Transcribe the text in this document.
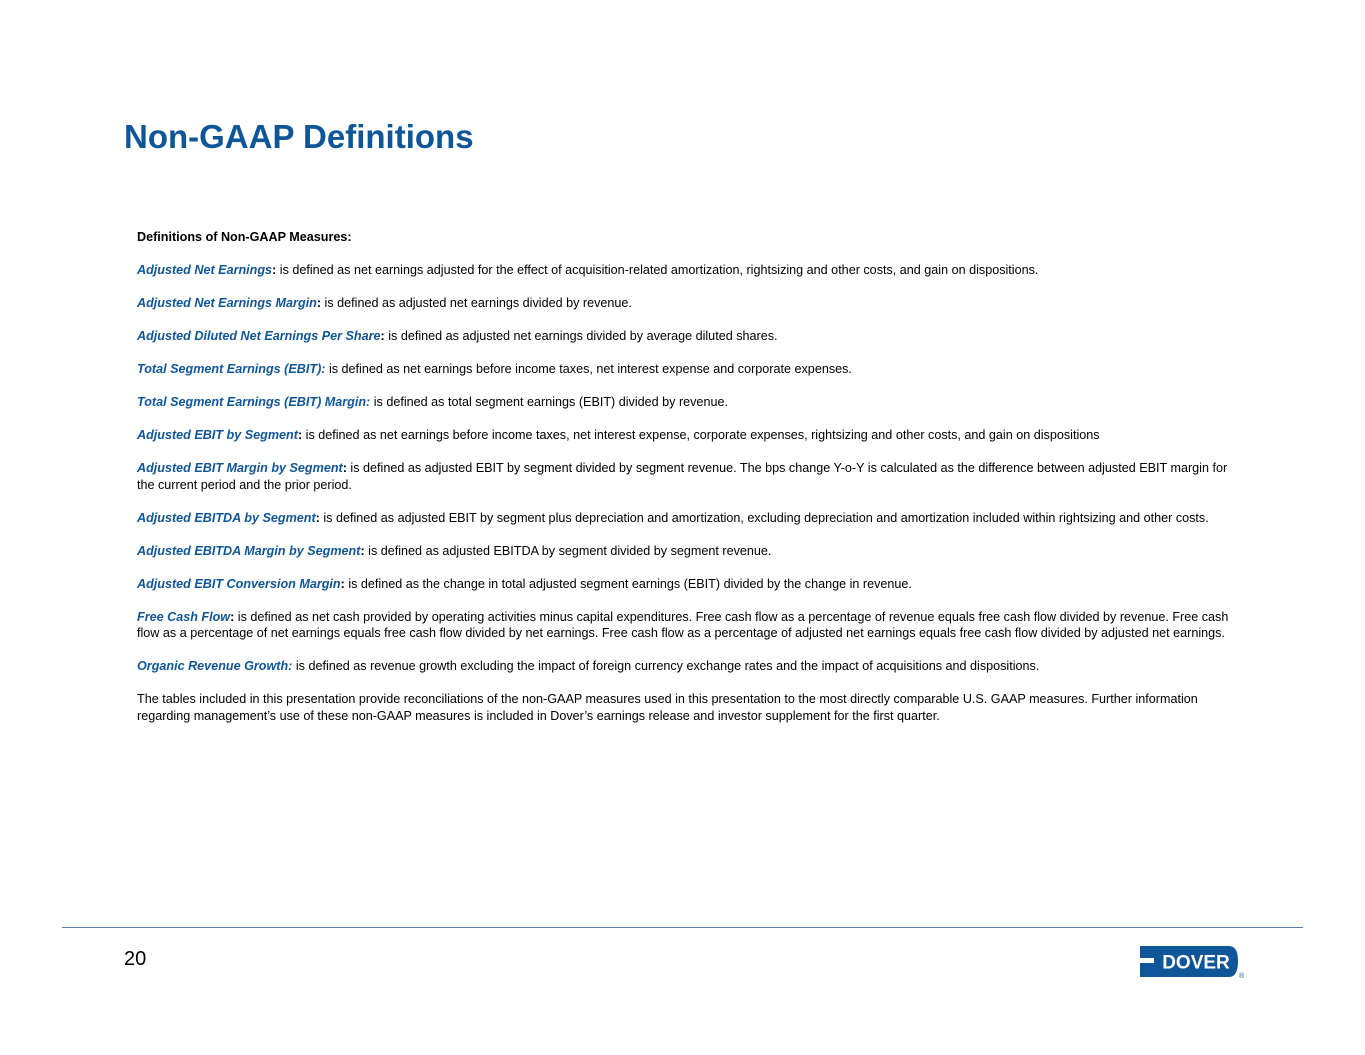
Non-GAAP Definitions

Definitions of Non-GAAP Measures:

Adjusted Net Earnings: is defined as net earnings adjusted for the effect of acquisition-related amortization, rightsizing and other costs, and gain on dispositions.

Adjusted Net Earnings Margin: is defined as adjusted net earnings divided by revenue.

Adjusted Diluted Net Earnings Per Share: is defined as adjusted net earnings divided by average diluted shares.

Total Segment Earnings (EBIT): is defined as net earnings before income taxes, net interest expense and corporate expenses.

Total Segment Earnings (EBIT) Margin: is defined as total segment earnings (EBIT) divided by revenue.

Adjusted EBIT by Segment: is defined as net earnings before income taxes, net interest expense, corporate expenses, rightsizing and other costs, and gain on dispositions

Adjusted EBIT Margin by Segment: is defined as adjusted EBIT by segment divided by segment revenue. The bps change Y-o-Y is calculated as the difference between adjusted EBIT margin for the current period and the prior period.

Adjusted EBITDA by Segment: is defined as adjusted EBIT by segment plus depreciation and amortization, excluding depreciation and amortization included within rightsizing and other costs.

Adjusted EBITDA Margin by Segment: is defined as adjusted EBITDA by segment divided by segment revenue.

Adjusted EBIT Conversion Margin: is defined as the change in total adjusted segment earnings (EBIT) divided by the change in revenue.

Free Cash Flow: is defined as net cash provided by operating activities minus capital expenditures. Free cash flow as a percentage of revenue equals free cash flow divided by revenue. Free cash flow as a percentage of net earnings equals free cash flow divided by net earnings. Free cash flow as a percentage of adjusted net earnings equals free cash flow divided by adjusted net earnings.

Organic Revenue Growth: is defined as revenue growth excluding the impact of foreign currency exchange rates and the impact of acquisitions and dispositions.

The tables included in this presentation provide reconciliations of the non-GAAP measures used in this presentation to the most directly comparable U.S. GAAP measures. Further information regarding management’s use of these non-GAAP measures is included in Dover’s earnings release and investor supplement for the first quarter.

20	DOVER
®
